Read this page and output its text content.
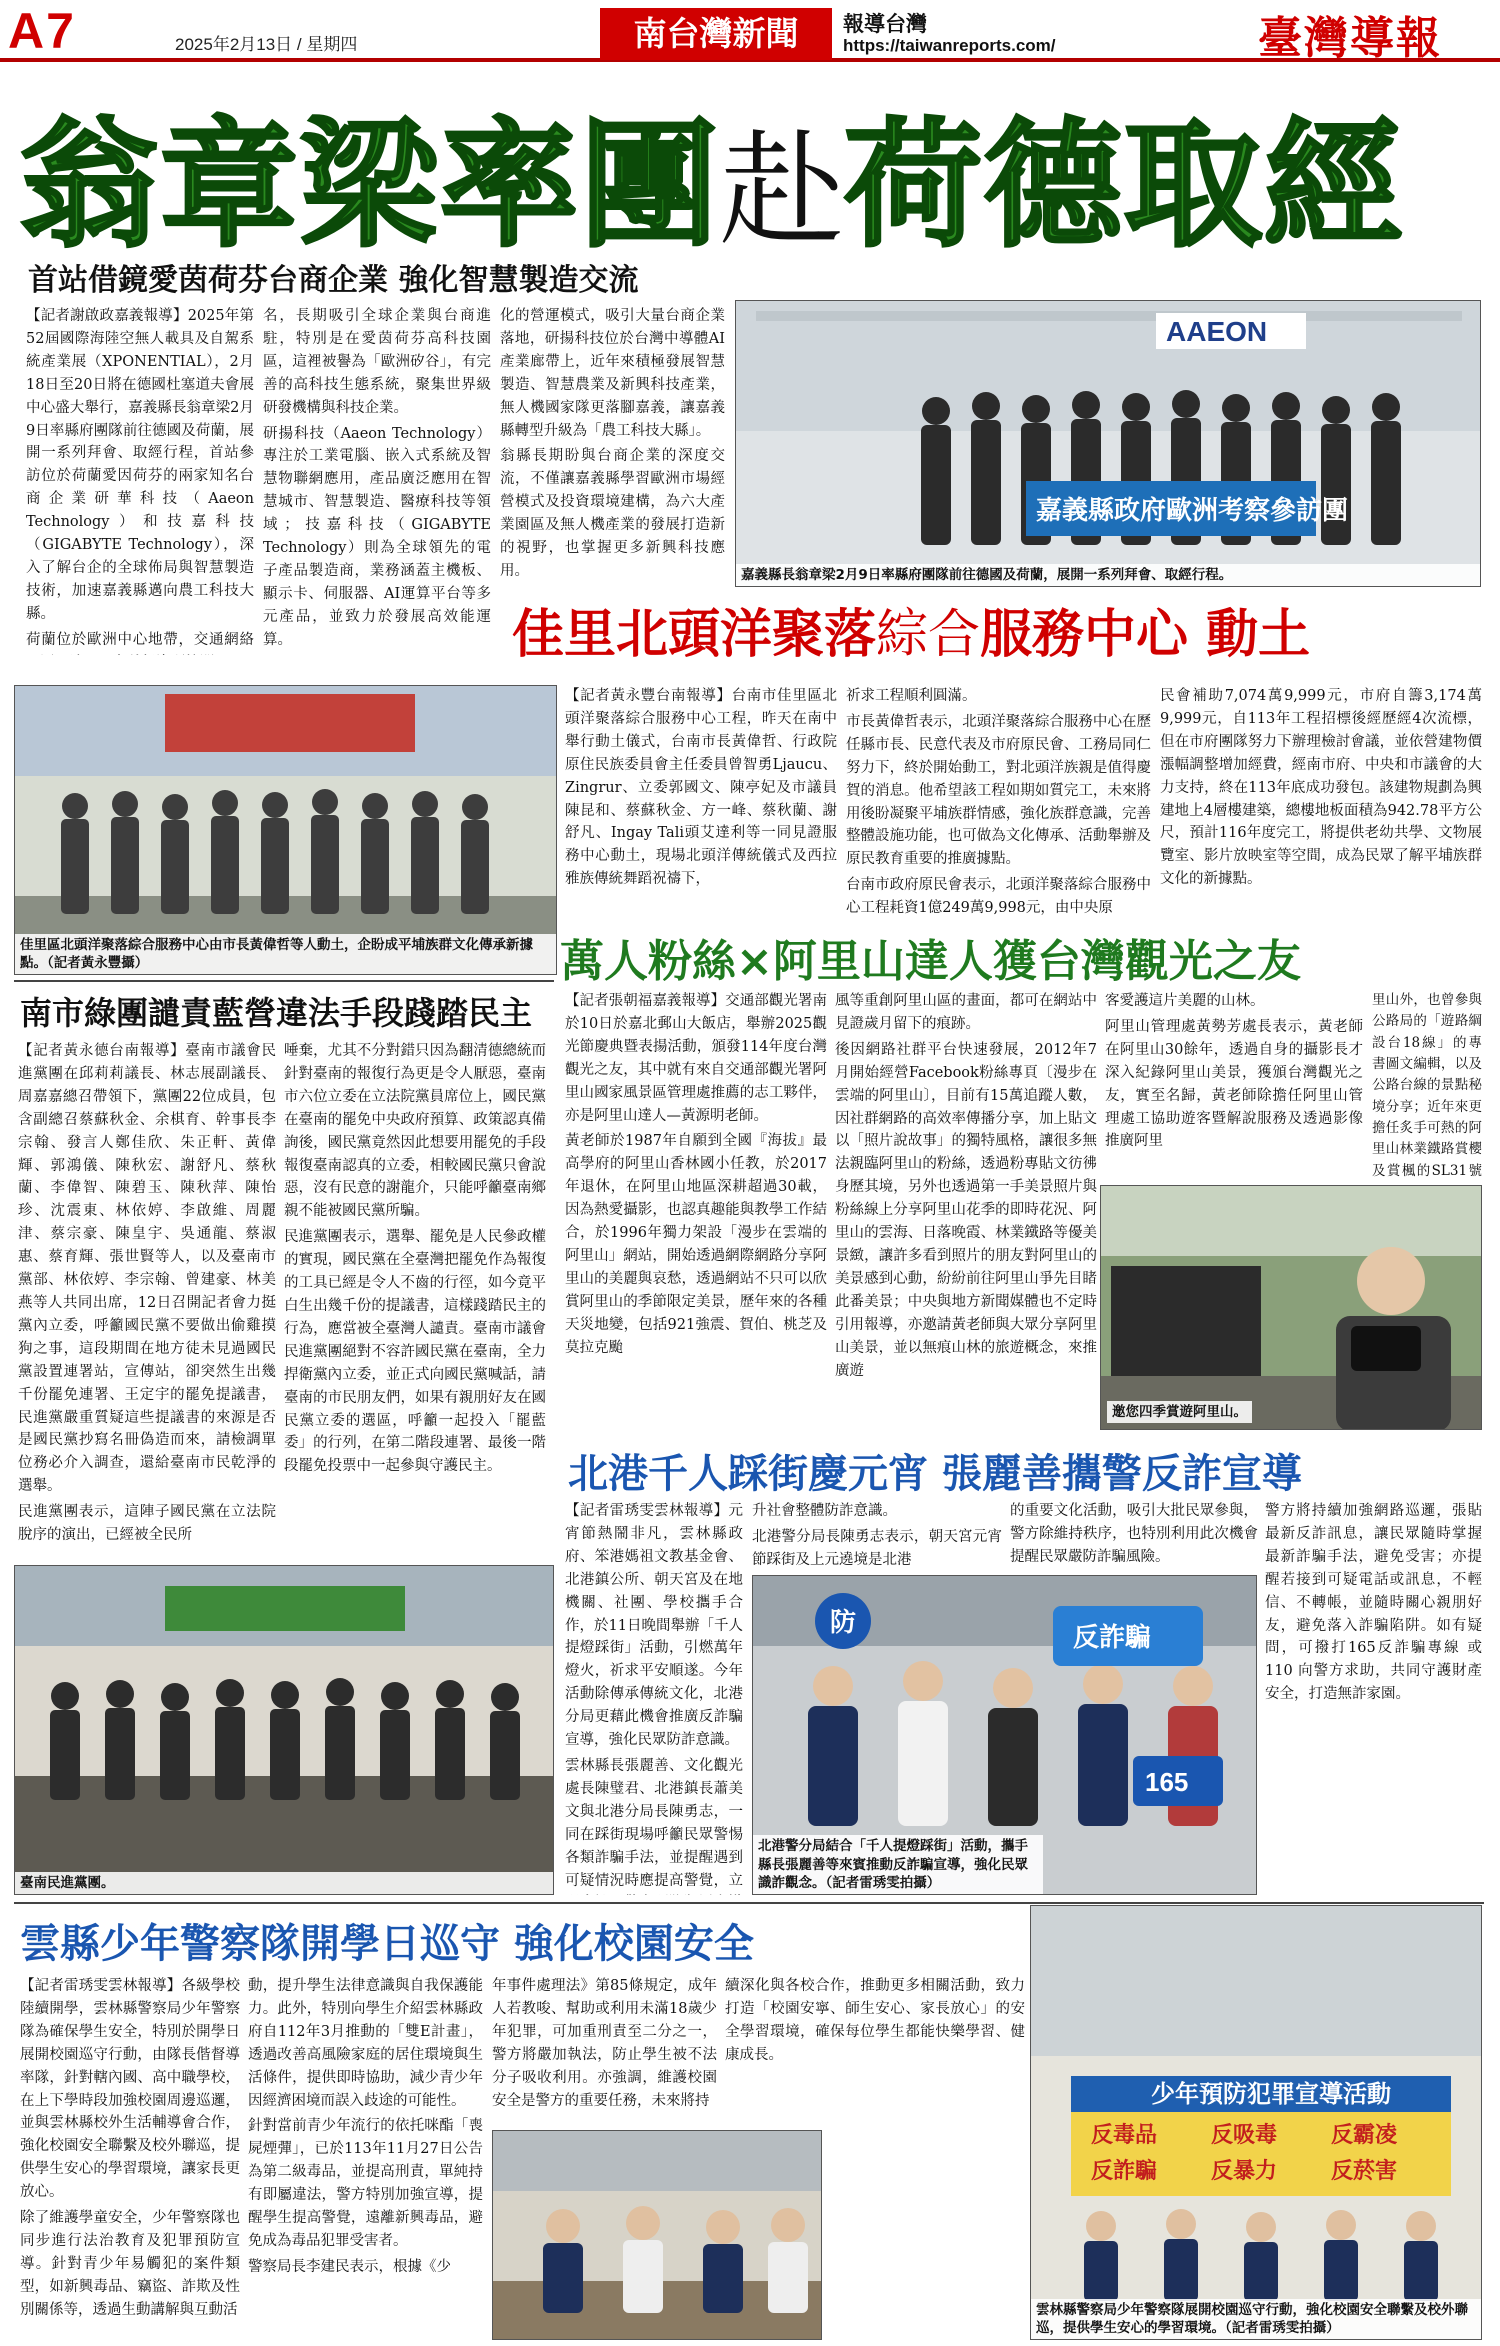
A7	2025年2月13日 / 星期四	南台灣新聞	報導台灣
https://taiwanreports.com/	臺灣導報
翁章梁率團赴荷德取經
首站借鏡愛茵荷芬台商企業 強化智慧製造交流

【記者謝啟政嘉義報導】2025年第52屆國際海陸空無人載具及自駕系統產業展（XPONENTIAL），2月18日至20日將在德國杜塞道夫會展中心盛大舉行，嘉義縣長翁章梁2月9日率縣府團隊前往德國及荷蘭，展開一系列拜會、取經行程，首站參訪位於荷蘭愛因荷芬的兩家知名台商企業研華科技（Aaeon Technology）和技嘉科技（GIGABYTE Technology），深入了解台企的全球佈局與智慧製造技術，加速嘉義縣邁向農工科技大縣。

荷蘭位於歐洲中心地帶，交通網絡

名，長期吸引全球企業與台商進駐，特別是在愛茵荷芬高科技園區，這裡被譽為「歐洲矽谷」，有完善的高科技生態系統，聚集世界級研發機構與科技企業。

研揚科技（Aaeon Technology）專注於工業電腦、嵌入式系統及智慧物聯網應用，產品廣泛應用在智慧城市、智慧製造、醫療科技等領域；技嘉科技（GIGABYTE Technology）則為全球領先的電子產品製造商，業務涵蓋主機板、顯示卡、伺服器、AI運算平台等多元產品，並致力於發展高效能運算。

化的營運模式，吸引大量台商企業落地，研揚科技位於台灣中導體AI產業廊帶上，近年來積極發展智慧製造、智慧農業及新興科技產業，無人機國家隊更落腳嘉義，讓嘉義縣轉型升級為「農工科技大縣」。

翁縣長期盼與台商企業的深度交流，不僅讓嘉義縣學習歐洲市場經營模式及投資環境建構，為六大產業園區及無人機產業的發展打造新的視野，也掌握更多新興科技應用。

AAEON
嘉義縣政府歐洲考察參訪團
嘉義縣長翁章梁2月9日率縣府團隊前往德國及荷蘭，展開一系列拜會、取經行程。
佳里北頭洋聚落綜合服務中心 動土
佳里區北頭洋聚落綜合服務中心由市長黃偉哲等人動土，企盼成平埔族群文化傳承新據點。（記者黃永豐攝）
【記者黃永豐台南報導】台南市佳里區北頭洋聚落綜合服務中心工程，昨天在南中舉行動土儀式，台南市長黃偉哲、行政院原住民族委員會主任委員曾智勇Ljaucu、Zingrur、立委郭國文、陳亭妃及市議員陳昆和、蔡蘇秋金、方一峰、蔡秋蘭、謝舒凡、Ingay Tali頭艾達利等一同見證服務中心動土，現場北頭洋傳統儀式及西拉雅族傳統舞蹈祝禱下，

祈求工程順利圓滿。

市長黃偉哲表示，北頭洋聚落綜合服務中心在歷任縣市長、民意代表及市府原民會、工務局同仁努力下，終於開始動工，對北頭洋族親是值得慶賀的消息。他希望該工程如期如質完工，未來將用後盼凝聚平埔族群情感，強化族群意識，完善整體設施功能，也可做為文化傳承、活動舉辦及原民教育重要的推廣據點。

台南市政府原民會表示，北頭洋聚落綜合服務中心工程耗資1億249萬9,998元，由中央原

民會補助7,074萬9,999元，市府自籌3,174萬9,999元，自113年工程招標後經歷經4次流標，但在市府團隊努力下辦理檢討會議，並依營建物價漲幅調整增加經費，經南市府、中央和市議會的大力支持，終在113年底成功發包。該建物規劃為興建地上4層樓建築，總樓地板面積為942.78平方公尺，預計116年度完工，將提供老幼共學、文物展覽室、影片放映室等空間，成為民眾了解平埔族群文化的新據點。
萬人粉絲×阿里山達人獲台灣觀光之友
南市綠團譴責藍營違法手段踐踏民主

【記者黃永德台南報導】臺南市議會民進黨團在邱莉莉議長、林志展副議長、周嘉嘉總召帶領下，黨團22位成員，包含副總召蔡蘇秋金、余棋育、幹事長李宗翰、發言人鄭佳欣、朱正軒、黃偉輝、郭鴻儀、陳秋宏、謝舒凡、蔡秋蘭、李偉智、陳碧玉、陳秋萍、陳怡珍、沈震東、林依婷、李啟維、周麗津、蔡宗豪、陳皇宇、吳通龍、蔡淑惠、蔡育輝、張世賢等人，以及臺南市黨部、林依婷、李宗翰、曾建豪、林美燕等人共同出席，12日召開記者會力挺黨內立委，呼籲國民黨不要做出偷雞摸狗之事，這段期間在地方徒未見過國民黨設置連署站，宣傳站，卻突然生出幾千份罷免連署、王定宇的罷免提議書，民進黨嚴重質疑這些提議書的來源是否是國民黨抄寫名冊偽造而來，請檢調單位務必介入調查，還給臺南市民乾淨的選舉。

民進黨團表示，這陣子國民黨在立法院脫序的演出，已經被全民所

唾棄，尤其不分對錯只因為翻清德總統而針對臺南的報復行為更是令人厭惡，臺南市六位立委在立法院黨員席位上，國民黨在臺南的罷免中央政府預算、政策認真備詢後，國民黨竟然因此想要用罷免的手段報復臺南認真的立委，相較國民黨只會說惡，沒有民意的謝龍介，只能呼籲臺南鄉親不能被國民黨所騙。

民進黨團表示，選舉、罷免是人民參政權的實現，國民黨在全臺灣把罷免作為報復的工具已經是令人不齒的行徑，如今竟平白生出幾千份的提議書，這樣踐踏民主的行為，應當被全臺灣人譴責。臺南市議會民進黨團絕對不容許國民黨在臺南，全力捍衛黨內立委，並正式向國民黨喊話，請臺南的市民朋友們，如果有親朋好友在國民黨立委的選區，呼籲一起投入「罷藍委」的行列，在第二階段連署、最後一階段罷免投票中一起參與守護民主。

臺南民進黨團。

【記者張朝福嘉義報導】交通部觀光署南於10日於嘉北郵山大飯店，舉辦2025觀光節慶典暨表揚活動，頒發114年度台灣觀光之友，其中就有來自交通部觀光署阿里山國家風景區管理處推薦的志工夥伴，亦是阿里山達人—黃源明老師。

黃老師於1987年自願到全國『海拔』最高學府的阿里山香林國小任教，於2017年退休，在阿里山地區深耕超過30載，因為熱愛攝影，也認真趣能與教學工作結合，於1996年獨力架設「漫步在雲端的阿里山」網站，開始透過網際網路分享阿里山的美麗與哀愁，透過網站不只可以欣賞阿里山的季節限定美景，歷年來的各種天災地變，包括921強震、賀伯、桃芝及莫拉克颱

風等重創阿里山區的畫面，都可在網站中見證歲月留下的痕跡。

後因網路社群平台快速發展，2012年7月開始經營Facebook粉絲專頁〔漫步在雲端的阿里山〕，目前有15萬追蹤人數，因社群網路的高效率傳播分享，加上貼文以「照片說故事」的獨特風格，讓很多無法親臨阿里山的粉絲，透過粉專貼文彷彿身歷其境，另外也透過第一手美景照片與粉絲線上分享阿里山花季的即時花況、阿里山的雲海、日落晚霞、林業鐵路等優美景緻，讓許多看到照片的朋友對阿里山的美景感到心動，紛紛前往阿里山爭先目睹此番美景；中央與地方新聞媒體也不定時引用報導，亦邀請黃老師與大眾分享阿里山美景，並以無痕山林的旅遊概念，來推廣遊

客愛護這片美麗的山林。

阿里山管理處黃勢芳處長表示，黃老師在阿里山30餘年，透過自身的攝影長才深入紀錄阿里山美景，獲頒台灣觀光之友，實至名歸，黃老師除擔任阿里山管理處工協助遊客暨解說服務及透過影像推廣阿里

里山外，也曾參與公路局的「遊路綱設台18線」的專書圖文編輯，以及公路台線的景點秘境分享；近年來更擔任炙手可熱的阿里山林業鐵路賞櫻及賞楓的SL31號
邀您四季賞遊阿里山。
北港千人踩街慶元宵 張麗善攜警反詐宣導

【記者雷琇雯雲林報導】元宵節熱鬧非凡，雲林縣政府、笨港媽祖文教基金會、北港鎮公所、朝天宮及在地機關、社團、學校攜手合作，於11日晚間舉辦「千人提燈踩街」活動，引燃萬年燈火，祈求平安順遂。今年活動除傳承傳統文化，北港分局更藉此機會推廣反詐騙宣導，強化民眾防詐意識。

雲林縣長張麗善、文化觀光處長陳璧君、北港鎮長蕭美文與北港分局長陳勇志，一同在踩街現場呼籲民眾警惕各類詐騙手法，並提醒遇到可疑情況時應提高警覺，立

升社會整體防詐意識。

北港警分局長陳勇志表示，朝天宮元宵節踩街及上元遶境是北港

的重要文化活動，吸引大批民眾參與，警方除維持秩序，也特別利用此次機會提醒民眾嚴防詐騙風險。
警方將持續加強網路巡邏，張貼最新反詐訊息，讓民眾隨時掌握最新詐騙手法，避免受害；亦提醒若接到可疑電話或訊息，不輕信、不轉帳，並隨時關心親朋好友，避免落入詐騙陷阱。如有疑問，可撥打165反詐騙專線 或 110 向警方求助，共同守護財產安全，打造無詐家園。
反詐騙
防
165
北港警分局結合「千人提燈踩街」活動，攜手縣長張麗善等來賓推動反詐騙宣導，強化民眾識詐觀念。（記者雷琇雯拍攝）
雲縣少年警察隊開學日巡守 強化校園安全

【記者雷琇雯雲林報導】各級學校陸續開學，雲林縣警察局少年警察隊為確保學生安全，特別於開學日展開校園巡守行動，由隊長偕督導率隊，針對轄內國、高中職學校，在上下學時段加強校園周邊巡邏，並與雲林縣校外生活輔導會合作，強化校園安全聯繫及校外聯巡，提供學生安心的學習環境，讓家長更放心。

除了維護學童安全，少年警察隊也同步進行法治教育及犯罪預防宣導。針對青少年易觸犯的案件類型，如新興毒品、竊盜、詐欺及性別關係等，透過生動講解與互動活

動，提升學生法律意識與自我保護能力。此外，特別向學生介紹雲林縣政府自112年3月推動的「雙E計畫」，透過改善高風險家庭的居住環境與生活條件，提供即時協助，減少青少年因經濟困境而誤入歧途的可能性。

針對當前青少年流行的依托咪酯「喪屍煙彈」，已於113年11月27日公告為第二級毒品，並提高刑責，單純持有即屬違法，警方特別加強宣導，提醒學生提高警覺，遠離新興毒品，避免成為毒品犯罪受害者。

警察局長李建民表示，根據《少

年事件處理法》第85條規定，成年人若教唆、幫助或利用未滿18歲少年犯罪，可加重刑責至二分之一，警方將嚴加執法，防止學生被不法分子吸收利用。亦強調，維護校園安全是警方的重要任務，未來將持
續深化與各校合作，推動更多相關活動，致力打造「校園安寧、師生安心、家長放心」的安全學習環境，確保每位學生都能快樂學習、健康成長。
少年預防犯罪宣導活動
反毒品 反吸毒 反霸凌
反詐騙 反暴力 反菸害
雲林縣警察局少年警察隊展開校園巡守行動，強化校園安全聯繫及校外聯巡，提供學生安心的學習環境。（記者雷琇雯拍攝）
